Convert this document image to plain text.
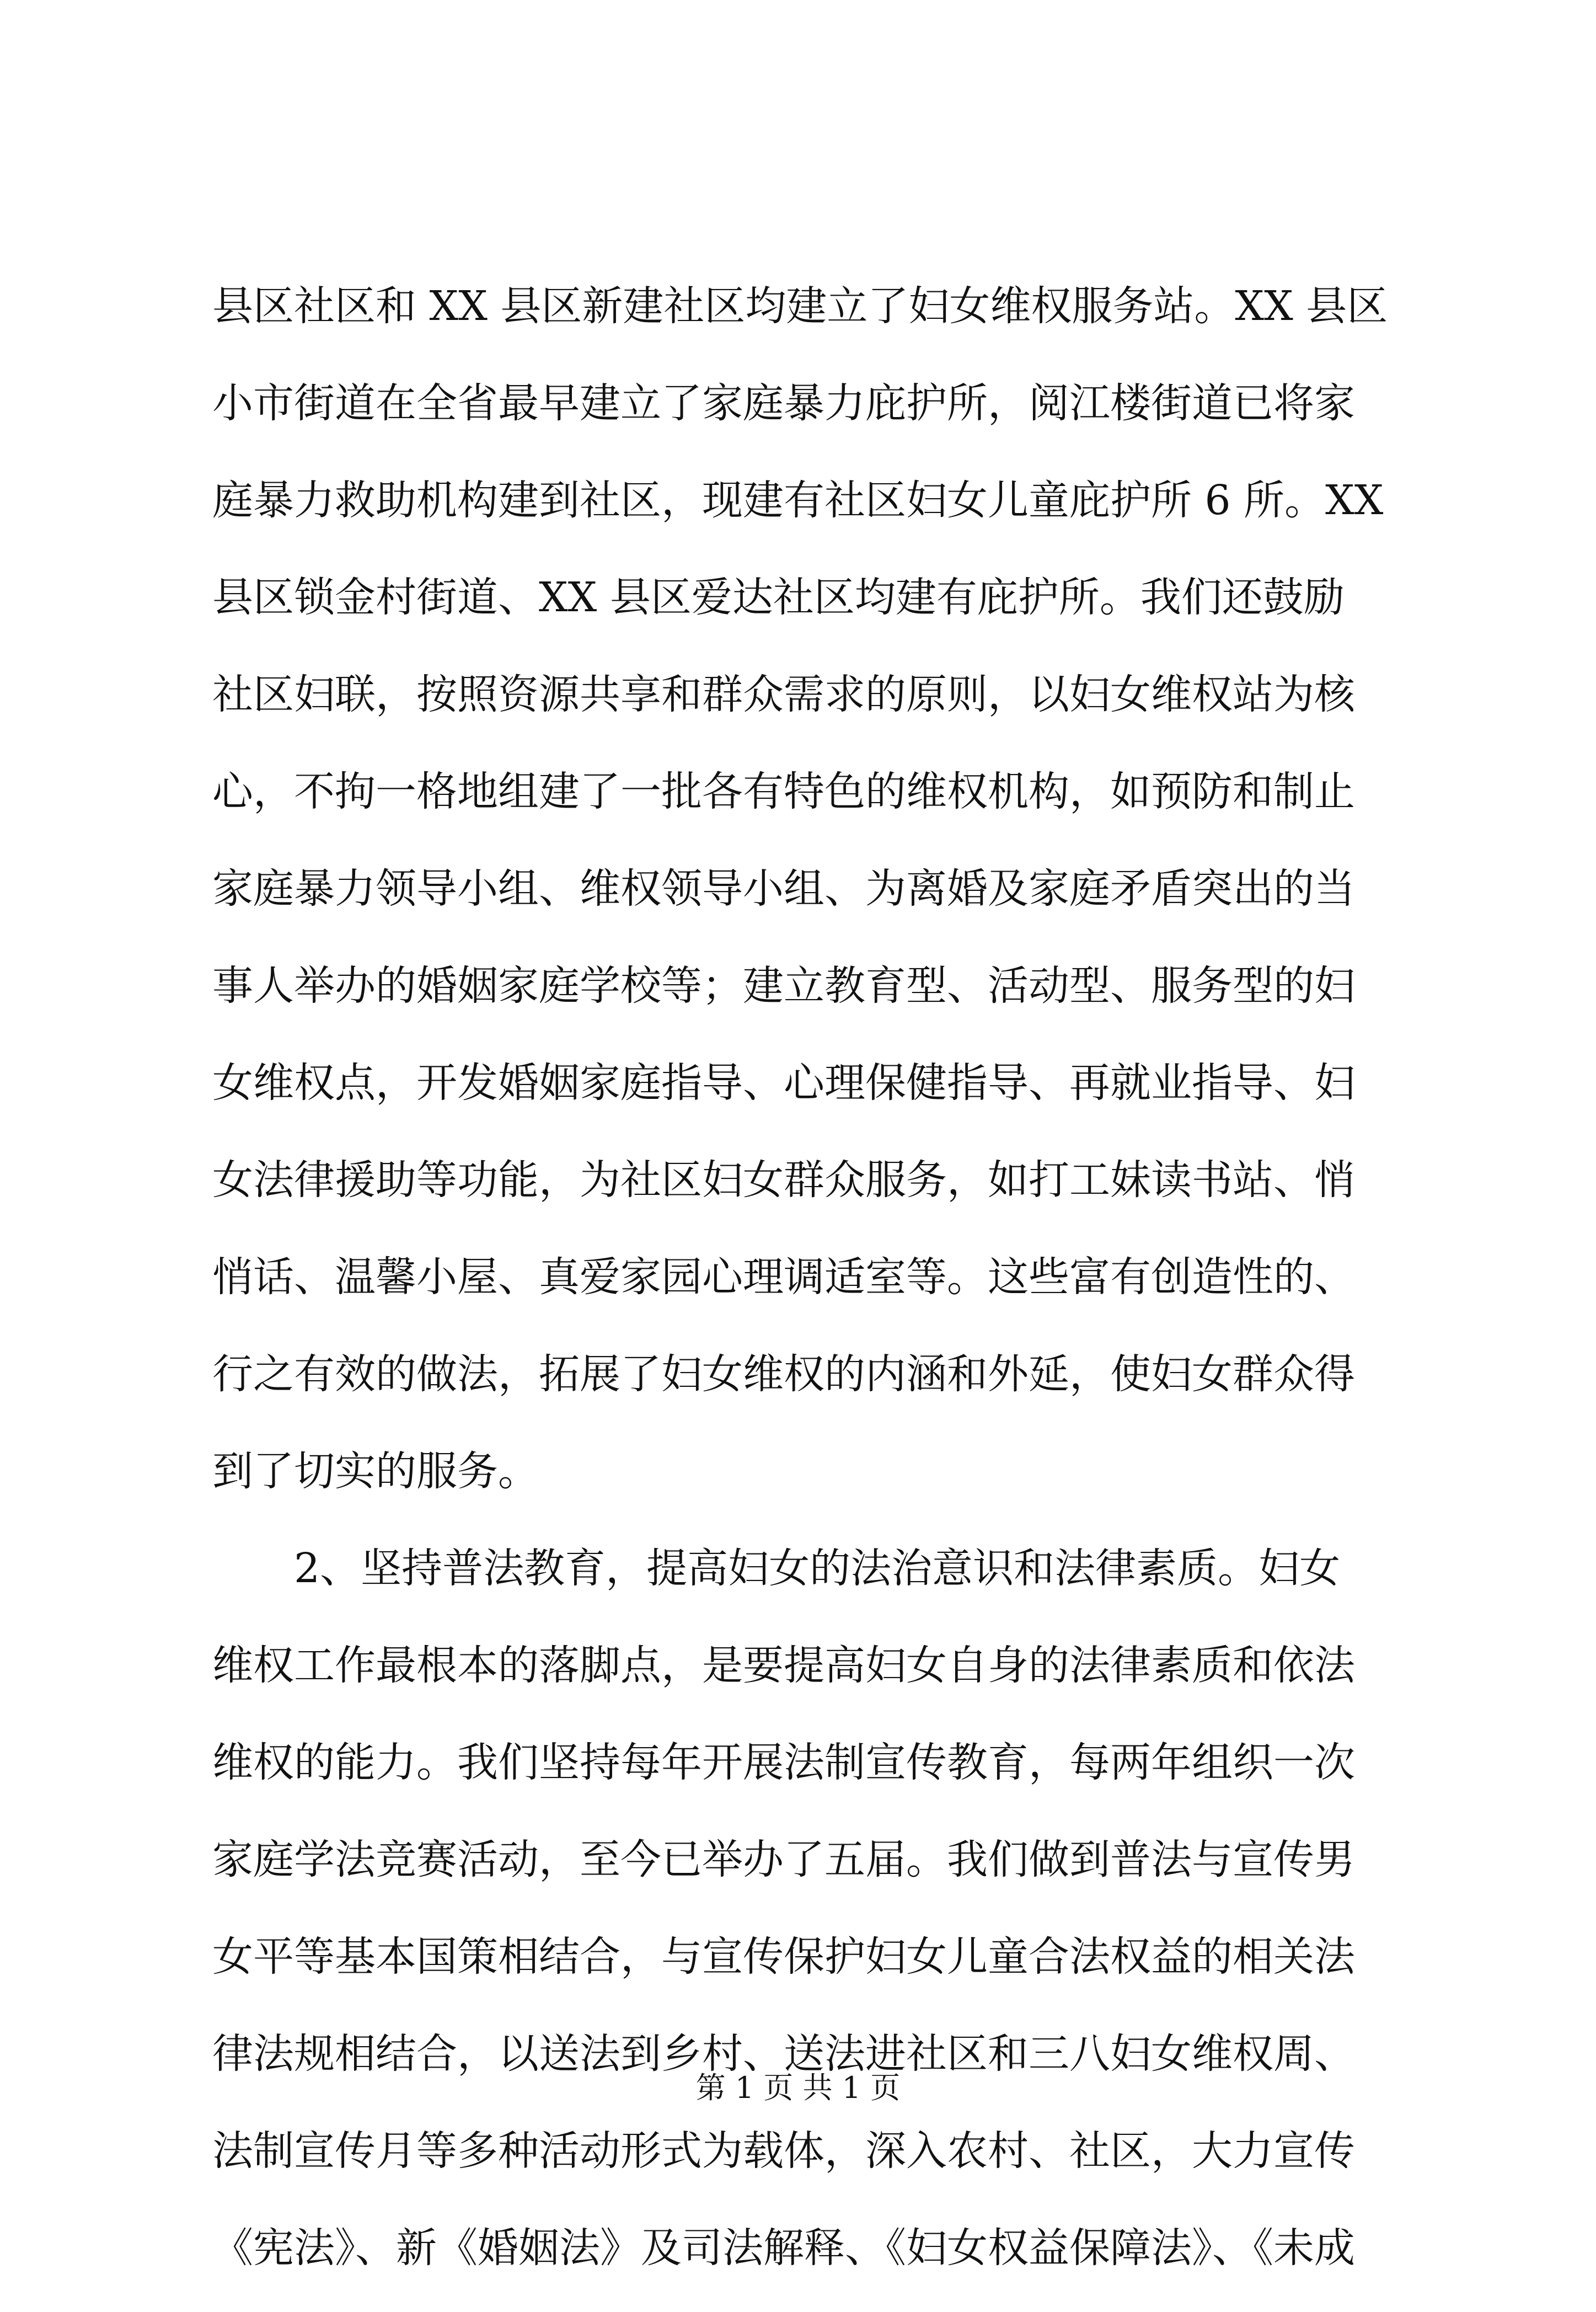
县区社区和 XX 县区新建社区均建立了妇女维权服务站。XX 县区
小市街道在全省最早建立了家庭暴力庇护所，阅江楼街道已将家
庭暴力救助机构建到社区，现建有社区妇女儿童庇护所 6 所。XX
县区锁金村街道、XX 县区爱达社区均建有庇护所。我们还鼓励
社区妇联，按照资源共享和群众需求的原则，以妇女维权站为核
心，不拘一格地组建了一批各有特色的维权机构，如预防和制止
家庭暴力领导小组、维权领导小组、为离婚及家庭矛盾突出的当
事人举办的婚姻家庭学校等；建立教育型、活动型、服务型的妇
女维权点，开发婚姻家庭指导、心理保健指导、再就业指导、妇
女法律援助等功能，为社区妇女群众服务，如打工妹读书站、悄
悄话、温馨小屋、真爱家园心理调适室等。这些富有创造性的、
行之有效的做法，拓展了妇女维权的内涵和外延，使妇女群众得
到了切实的服务。
2、坚持普法教育，提高妇女的法治意识和法律素质。妇女
维权工作最根本的落脚点，是要提高妇女自身的法律素质和依法
维权的能力。我们坚持每年开展法制宣传教育，每两年组织一次
家庭学法竞赛活动，至今已举办了五届。我们做到普法与宣传男
女平等基本国策相结合，与宣传保护妇女儿童合法权益的相关法
律法规相结合，以送法到乡村、送法进社区和三八妇女维权周、
法制宣传月等多种活动形式为载体，深入农村、社区，大力宣传
《宪法》、新《婚姻法》及司法解释、《妇女权益保障法》、《未成
第 1 页 共 1 页
